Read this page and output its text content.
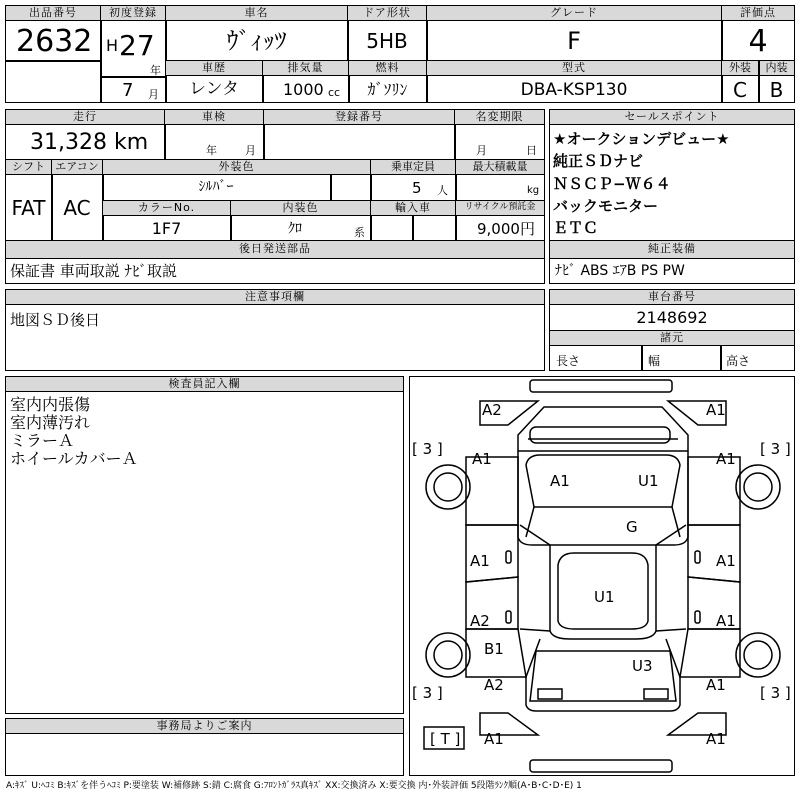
出品番号
2632
初度登録
H 27
年
7 月
車名
ｳﾞｨｯﾂ
ドア形状
5HB
グレード
F
評価点
4
車歴
レンタ
排気量
1000 cc
燃料
ｶﾞｿﾘﾝ
型式
DBA-KSP130
外装	内装
C	B
走行
31,328 km
車検
年	月
登録番号	名変期限
月	日
シフト
FAT
エアコン
AC
外装色
ｼﾙﾊﾞｰ
乗車定員
5 人
最大積載量
kg
カラーNo.
1F7
内装色
ｸﾛ	系
輸入車	リサイクル預託金
9,000円
後日発送部品
保証書 車両取説 ﾅﾋﾞ取説
セールスポイント
★オークションデビュー★
純正ＳＤナビ
ＮＳＣＰ−Ｗ６４
バックモニター
ＥＴＣ
純正装備
ﾅﾋﾞ ABS ｴｱB PS PW
注意事項欄
地図ＳＤ後日
車台番号
2148692
諸元
長さ	幅	高さ
検査員記入欄
室内内張傷
室内薄汚れ
ミラーＡ
ホイールカバーＡ
事務局よりご案内
[ 3 ]	[ 3 ]
[ 3 ]	[ 3 ]
[ T ]
A2	A1
A1	A1
A1	U1
G
A1	A1
U1
A2	A1
B1
U3
A2	A1
A1	A1
A:ｷｽﾞ U:ﾍｺﾐ B:ｷｽﾞを伴うﾍｺﾐ P:要塗装 W:補修跡 S:錆 C:腐食 G:ﾌﾛﾝﾄｶﾞﾗｽ真ｷｽﾞ XX:交換済み X:要交換 内･外装評価 5段階ﾗﾝｸ順(A･B･C･D･E) 1
